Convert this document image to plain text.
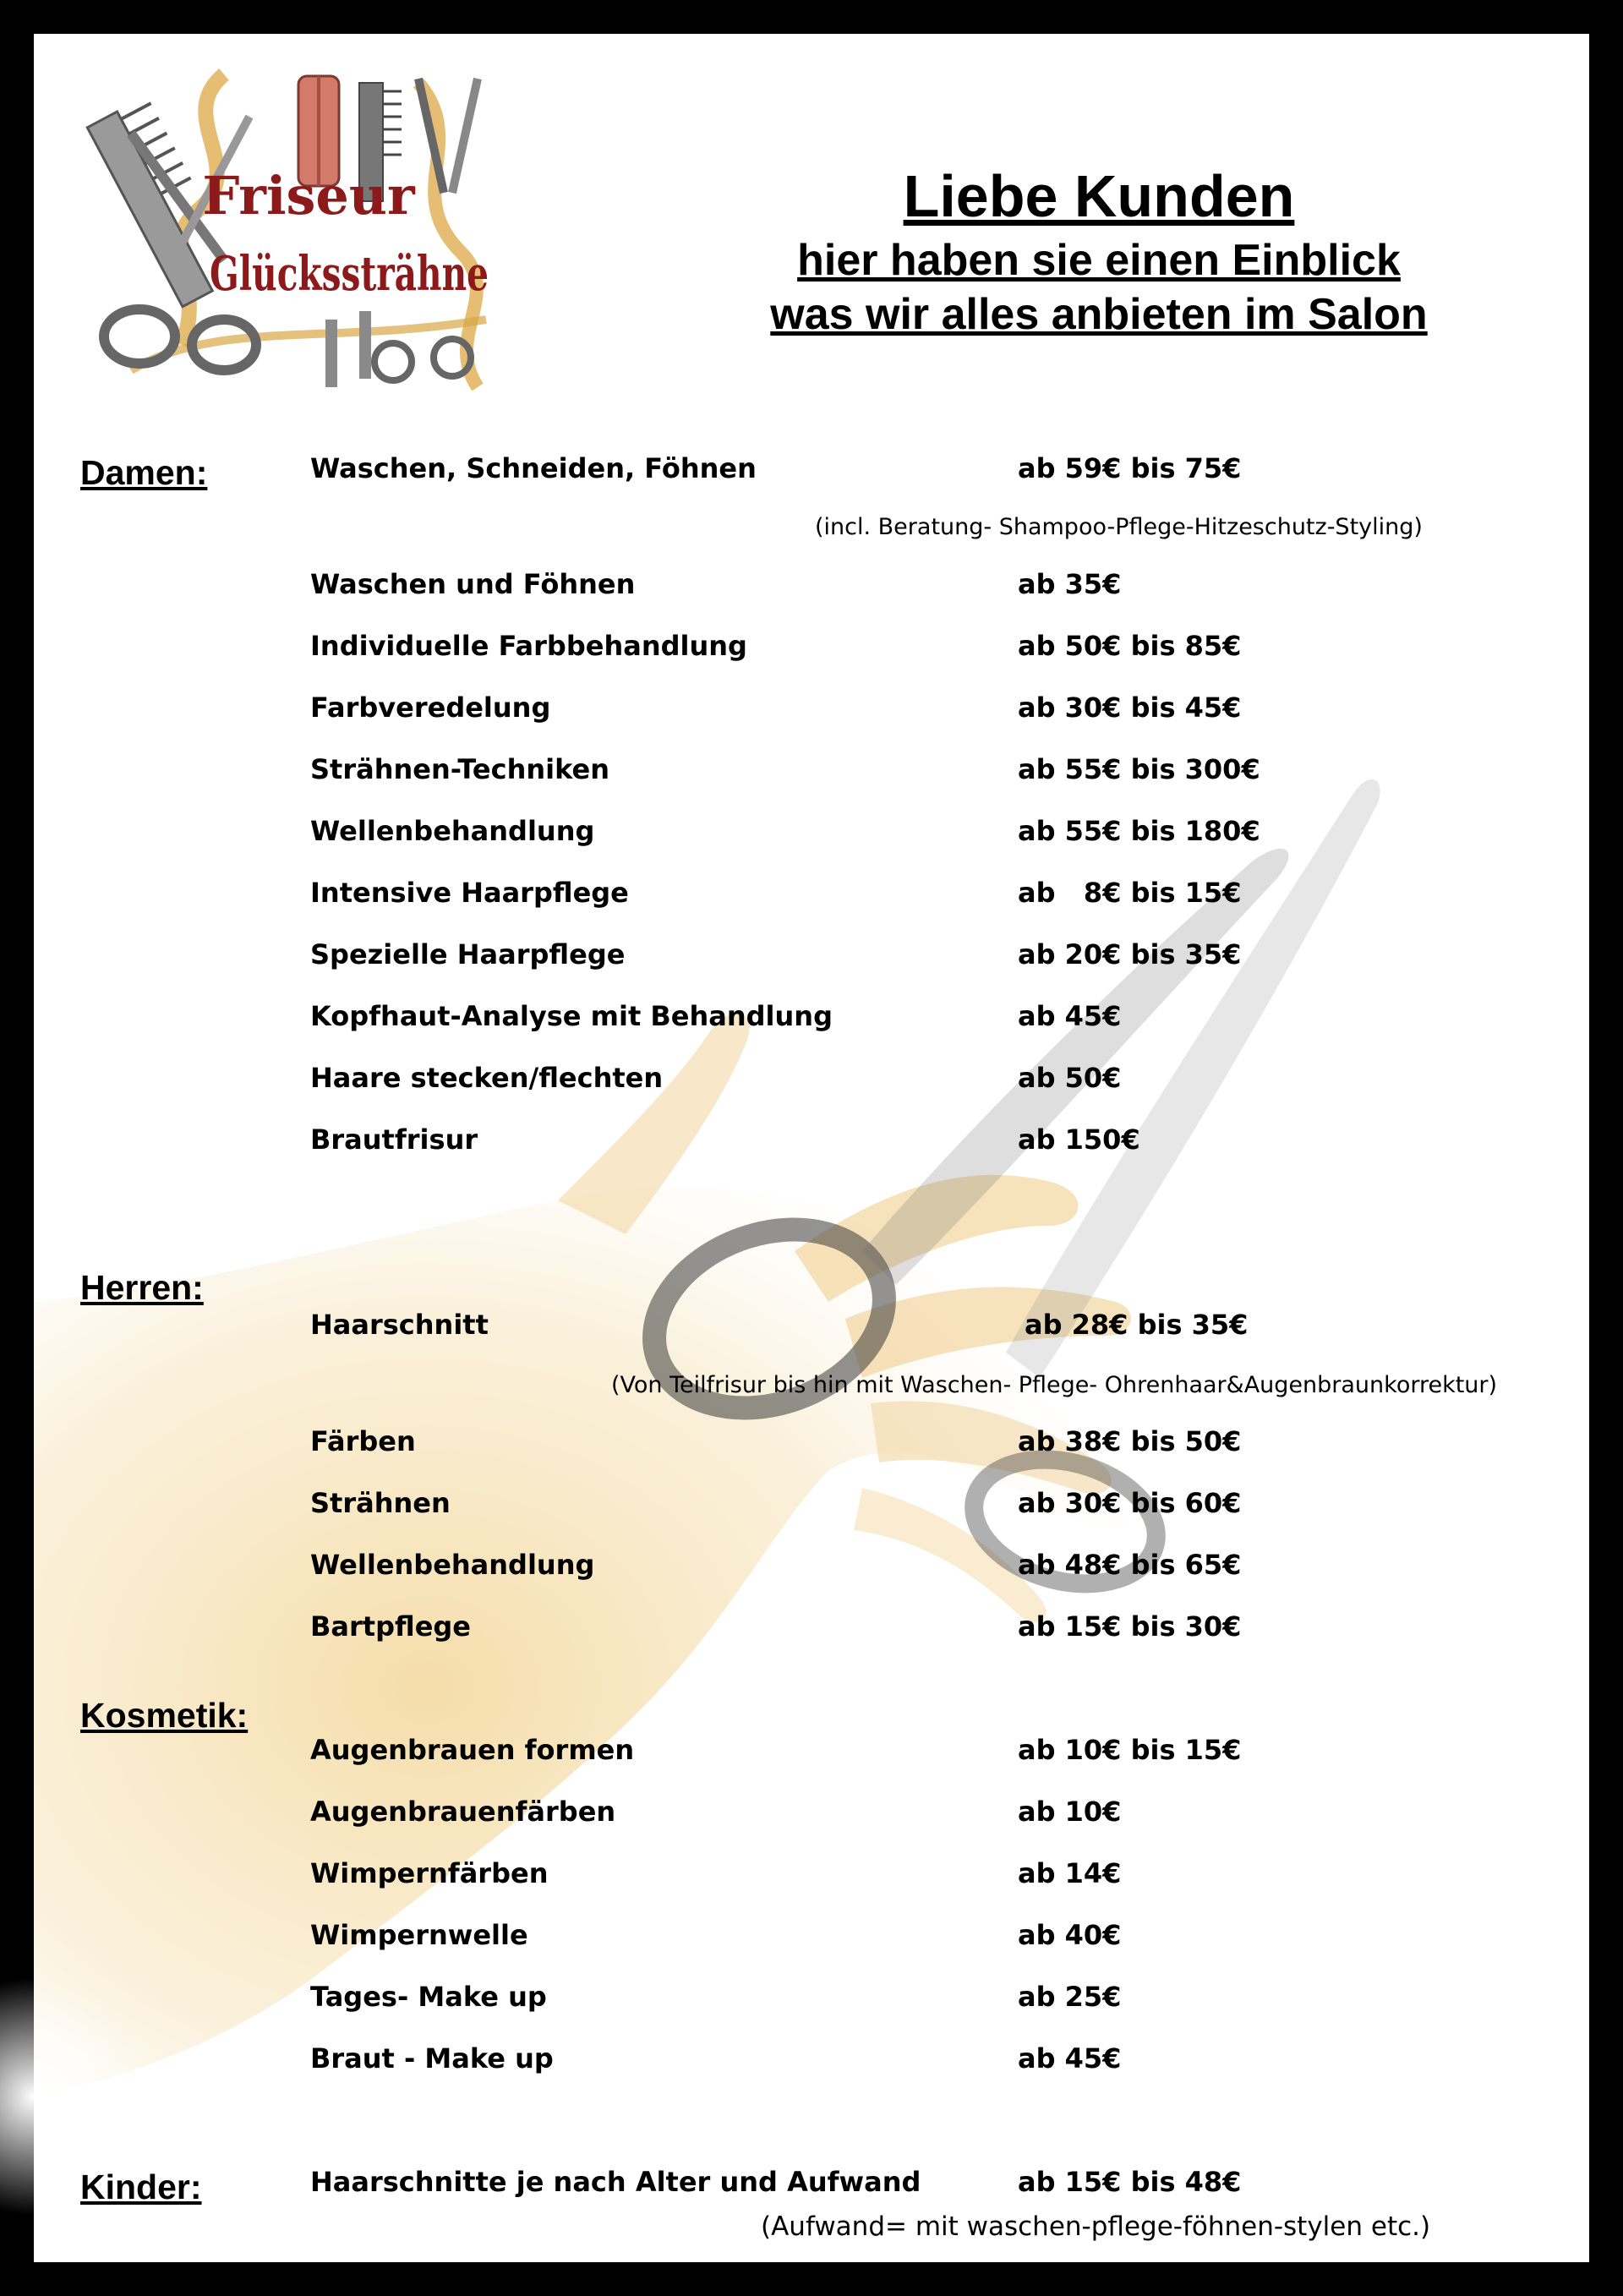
Friseur
Glückssträhne
Liebe Kunden
hier haben sie einen Einblick
was wir alles anbieten im Salon
Damen:	Waschen, Schneiden, Föhnen	ab 59€ bis 75€
(incl. Beratung- Shampoo-Pflege-Hitzeschutz-Styling)
Waschen und Föhnen	ab 35€
Individuelle Farbbehandlung	ab 50€ bis 85€
Farbveredelung	ab 30€ bis 45€
Strähnen-Techniken	ab 55€ bis 300€
Wellenbehandlung	ab 55€ bis 180€
Intensive Haarpflege	ab   8€ bis 15€
Spezielle Haarpflege	ab 20€ bis 35€
Kopfhaut-Analyse mit Behandlung	ab 45€
Haare stecken/flechten	ab 50€
Brautfrisur	ab 150€
Herren:
Haarschnitt	ab 28€ bis 35€
(Von Teilfrisur bis hin mit Waschen- Pflege- Ohrenhaar&Augenbraunkorrektur)
Färben	ab 38€ bis 50€
Strähnen	ab 30€ bis 60€
Wellenbehandlung	ab 48€ bis 65€
Bartpflege	ab 15€ bis 30€
Kosmetik:
Augenbrauen formen	ab 10€ bis 15€
Augenbrauenfärben	ab 10€
Wimpernfärben	ab 14€
Wimpernwelle	ab 40€
Tages- Make up	ab 25€
Braut - Make up	ab 45€
Kinder:	Haarschnitte je nach Alter und Aufwand	ab 15€ bis 48€
(Aufwand= mit waschen-pflege-föhnen-stylen etc.)
